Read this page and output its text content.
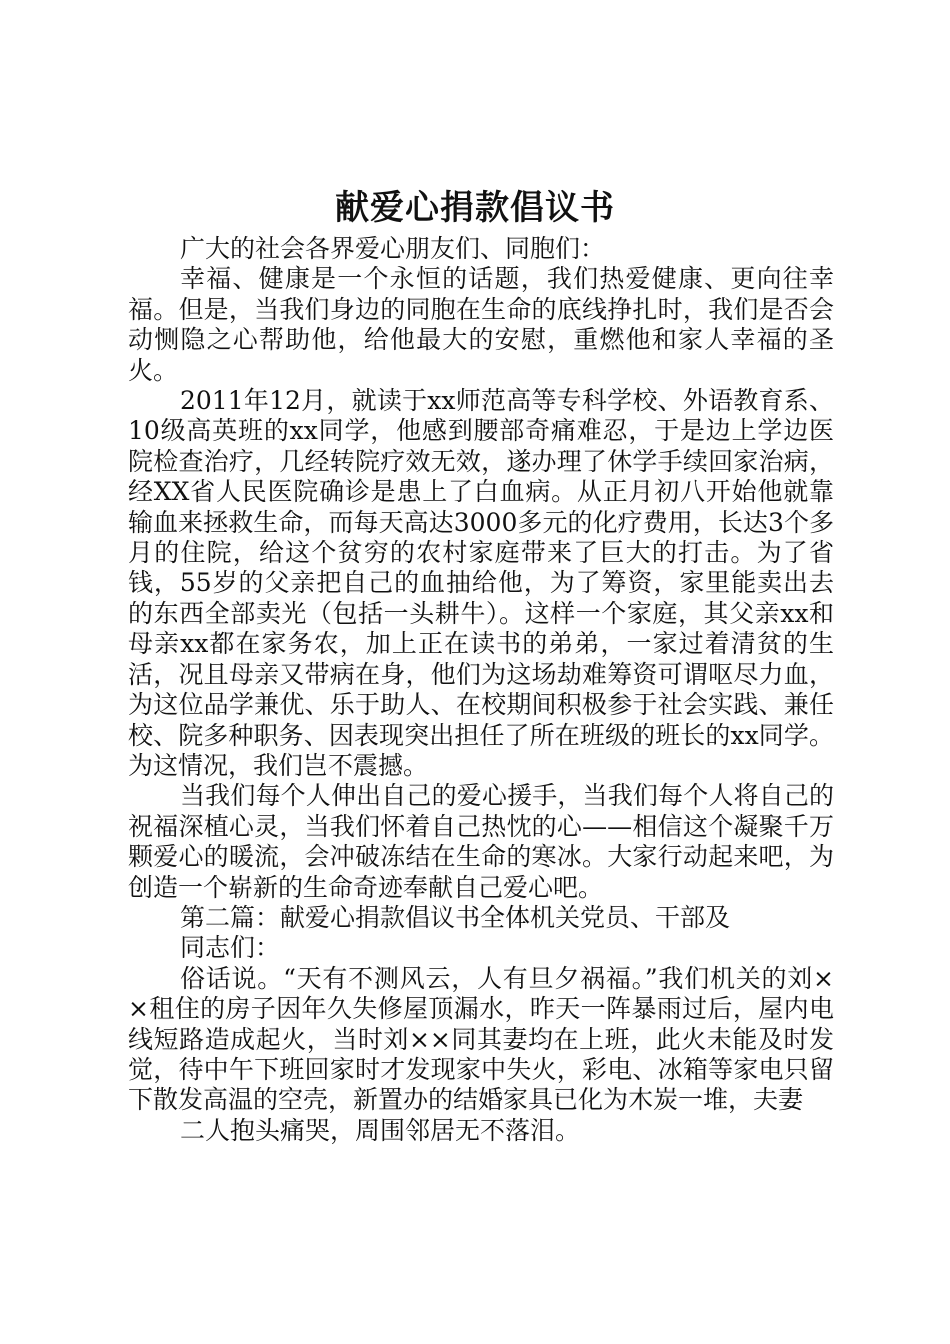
献爱心捐款倡议书

广大的社会各界爱心朋友们、同胞们：

幸福、健康是一个永恒的话题，我们热爱健康、更向往幸福。但是，当我们身边的同胞在生命的底线挣扎时，我们是否会动恻隐之心帮助他，给他最大的安慰，重燃他和家人幸福的圣火。

2011年12月，就读于xx师范高等专科学校、外语教育系、10级高英班的xx同学，他感到腰部奇痛难忍，于是边上学边医院检查治疗，几经转院疗效无效，遂办理了休学手续回家治病，经XX省人民医院确诊是患上了白血病。从正月初八开始他就靠输血来拯救生命，而每天高达3000多元的化疗费用，长达3个多月的住院，给这个贫穷的农村家庭带来了巨大的打击。为了省钱，55岁的父亲把自己的血抽给他，为了筹资，家里能卖出去的东西全部卖光（包括一头耕牛）。这样一个家庭，其父亲xx和母亲xx都在家务农，加上正在读书的弟弟，一家过着清贫的生活，况且母亲又带病在身，他们为这场劫难筹资可谓呕尽力血，为这位品学兼优、乐于助人、在校期间积极参于社会实践、兼任校、院多种职务、因表现突出担任了所在班级的班长的xx同学。为这情况，我们岂不震撼。

当我们每个人伸出自己的爱心援手，当我们每个人将自己的祝福深植心灵，当我们怀着自己热忱的心——相信这个凝聚千万颗爱心的暖流，会冲破冻结在生命的寒冰。大家行动起来吧，为创造一个崭新的生命奇迹奉献自己爱心吧。

第二篇：献爱心捐款倡议书全体机关党员、干部及

同志们：

俗话说。“天有不测风云，人有旦夕祸福。”我们机关的刘××租住的房子因年久失修屋顶漏水，昨天一阵暴雨过后，屋内电线短路造成起火，当时刘××同其妻均在上班，此火未能及时发觉，待中午下班回家时才发现家中失火，彩电、冰箱等家电只留下散发高温的空壳，新置办的结婚家具已化为木炭一堆，夫妻

二人抱头痛哭，周围邻居无不落泪。
